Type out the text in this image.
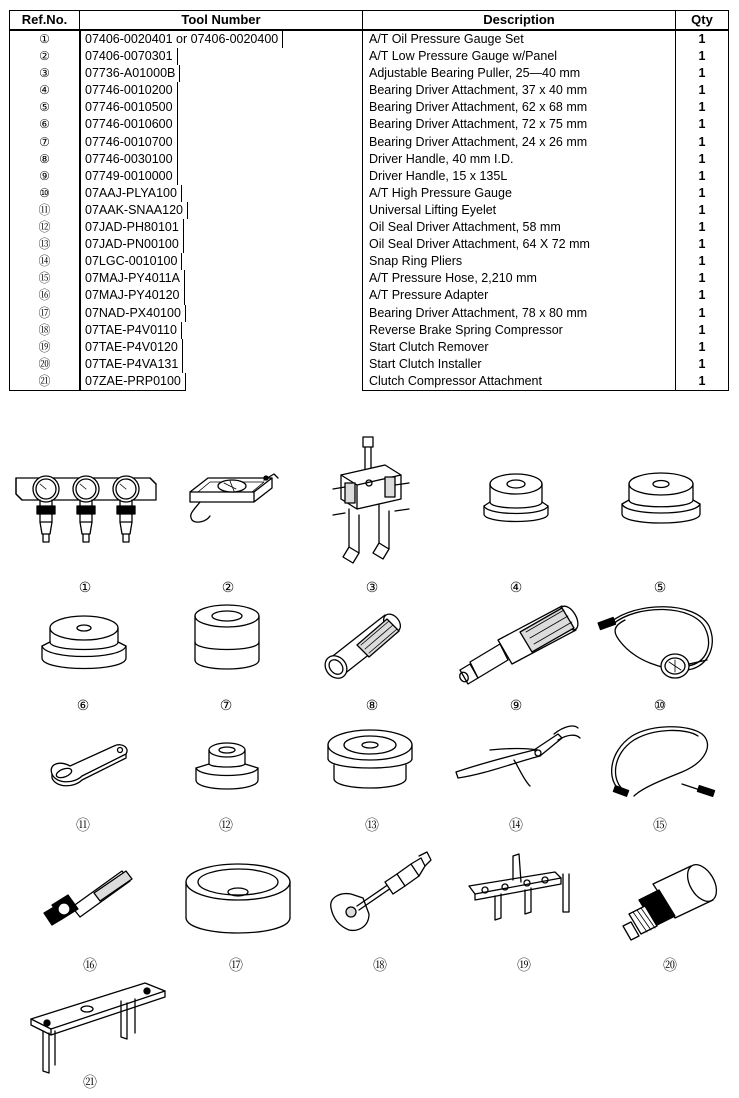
Ref.No.	Tool Number	Description	Qty
①		07406-0020401 or 07406-0020400	A/T Oil Pressure Gauge Set	1
②		07406-0070301	A/T Low Pressure Gauge w/Panel	1
③		07736-A01000B	Adjustable Bearing Puller, 25—40 mm	1
④		07746-0010200	Bearing Driver Attachment, 37 x 40 mm	1
⑤		07746-0010500	Bearing Driver Attachment, 62 x 68 mm	1
⑥		07746-0010600	Bearing Driver Attachment, 72 x 75 mm	1
⑦		07746-0010700	Bearing Driver Attachment, 24 x 26 mm	1
⑧		07746-0030100	Driver Handle, 40 mm I.D.	1
⑨		07749-0010000	Driver Handle, 15 x 135L	1
⑩		07AAJ-PLYA100	A/T High Pressure Gauge	1
⑪		07AAK-SNAA120	Universal Lifting Eyelet	1
⑫		07JAD-PH80101	Oil Seal Driver Attachment, 58 mm	1
⑬		07JAD-PN00100	Oil Seal Driver Attachment, 64 X 72 mm	1
⑭		07LGC-0010100	Snap Ring Pliers	1
⑮		07MAJ-PY4011A	A/T Pressure Hose, 2,210 mm	1
⑯		07MAJ-PY40120	A/T Pressure Adapter	1
⑰		07NAD-PX40100	Bearing Driver Attachment, 78 x 80 mm	1
⑱		07TAE-P4V0110	Reverse Brake Spring Compressor	1
⑲		07TAE-P4V0120	Start Clutch Remover	1
⑳		07TAE-P4VA131	Start Clutch Installer	1
㉑		07ZAE-PRP0100	Clutch Compressor Attachment	1
①	②	③	④	⑤
⑥	⑦	⑧	⑨	⑩
⑪	⑫	⑬	⑭	⑮
⑯	⑰	⑱	⑲	⑳
㉑
